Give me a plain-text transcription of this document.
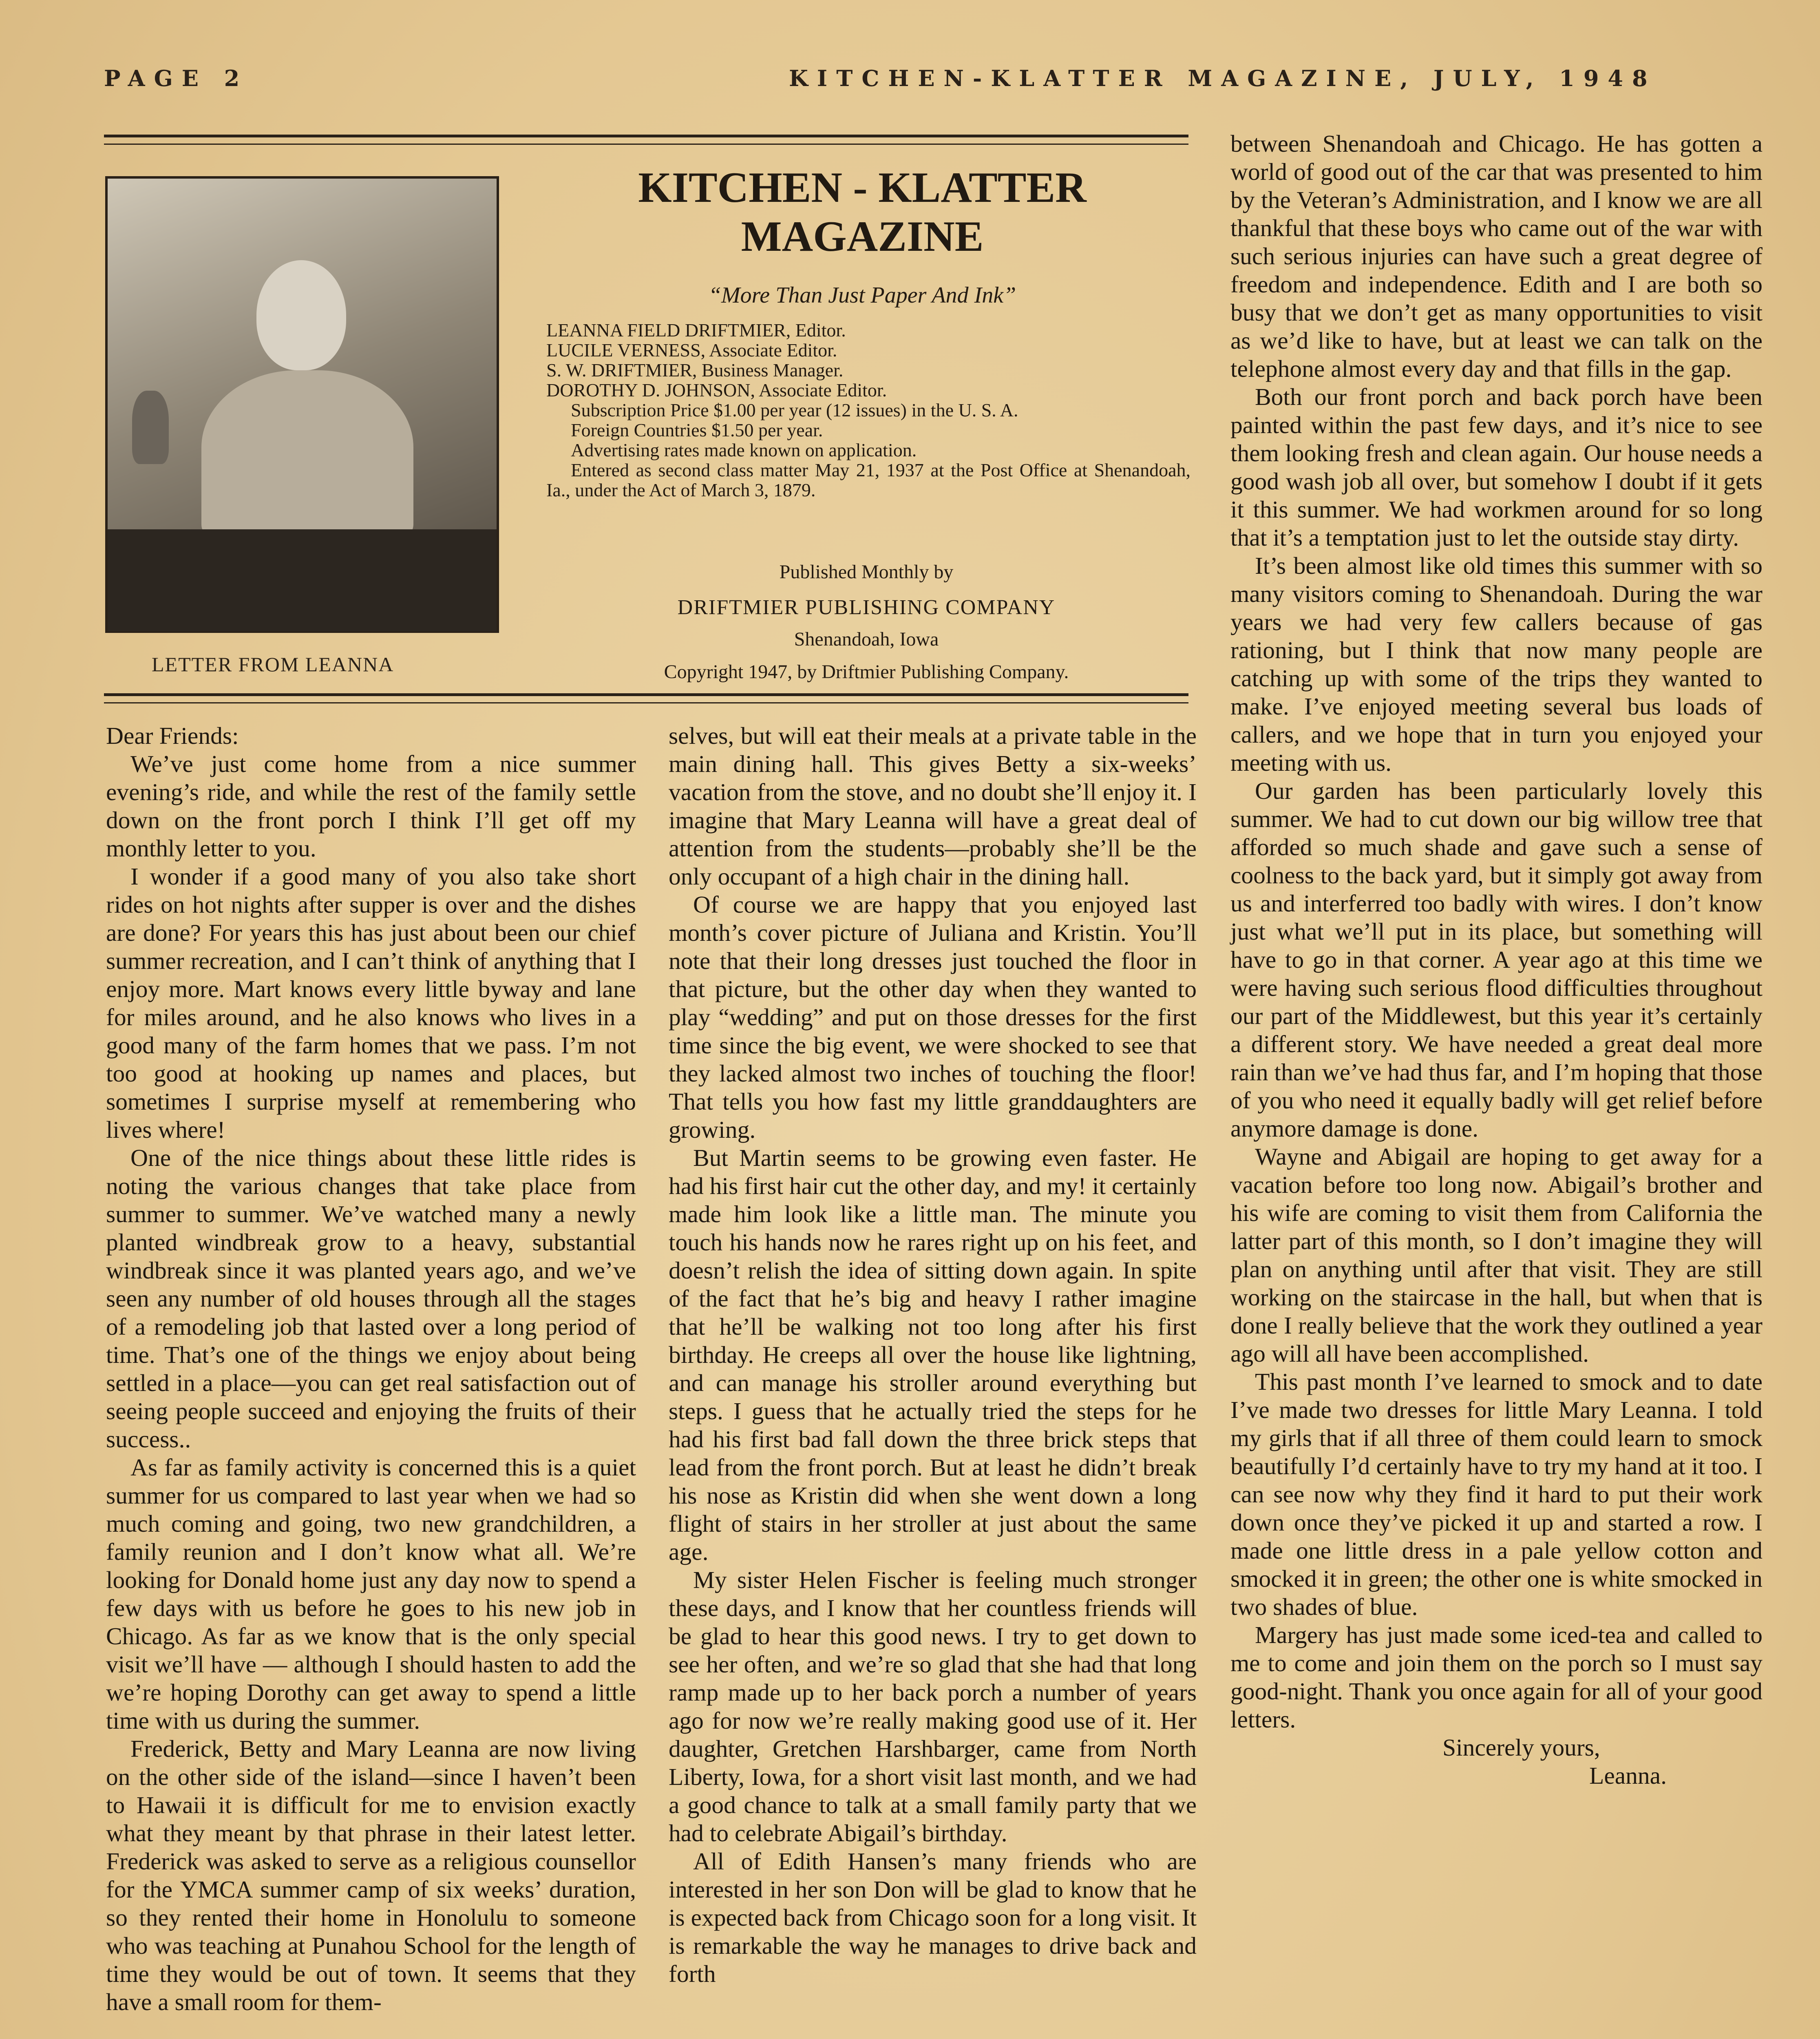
PAGE 2	KITCHEN-KLATTER MAGAZINE, JULY, 1948
LETTER FROM LEANNA
KITCHEN - KLATTER
MAGAZINE
“More Than Just Paper And Ink”
LEANNA FIELD DRIFTMIER, Editor.
LUCILE VERNESS, Associate Editor.
S. W. DRIFTMIER, Business Manager.
DOROTHY D. JOHNSON, Associate Editor.
Subscription Price $1.00 per year (12 issues) in the U. S. A.
Foreign Countries $1.50 per year.
Advertising rates made known on application.
Entered as second class matter May 21, 1937 at the Post Office at Shenandoah, Ia., under the Act of March 3, 1879.
Published Monthly by
DRIFTMIER PUBLISHING COMPANY
Shenandoah, Iowa
Copyright 1947, by Driftmier Publishing Company.

Dear Friends:

We’ve just come home from a nice summer evening’s ride, and while the rest of the family settle down on the front porch I think I’ll get off my monthly letter to you.

I wonder if a good many of you also take short rides on hot nights after supper is over and the dishes are done? For years this has just about been our chief summer recreation, and I can’t think of anything that I enjoy more. Mart knows every little byway and lane for miles around, and he also knows who lives in a good many of the farm homes that we pass. I’m not too good at hooking up names and places, but sometimes I surprise myself at remembering who lives where!

One of the nice things about these little rides is noting the various changes that take place from summer to summer. We’ve watched many a newly planted windbreak grow to a heavy, substantial windbreak since it was planted years ago, and we’ve seen any number of old houses through all the stages of a remodeling job that lasted over a long period of time. That’s one of the things we enjoy about being settled in a place—you can get real satisfaction out of seeing people succeed and enjoying the fruits of their success..

As far as family activity is concerned this is a quiet summer for us compared to last year when we had so much coming and going, two new grandchildren, a family reunion and I don’t know what all. We’re looking for Donald home just any day now to spend a few days with us before he goes to his new job in Chicago. As far as we know that is the only special visit we’ll have — although I should hasten to add the we’re hoping Dorothy can get away to spend a little time with us during the summer.

Frederick, Betty and Mary Leanna are now living on the other side of the island—since I haven’t been to Hawaii it is difficult for me to envision exactly what they meant by that phrase in their latest letter. Frederick was asked to serve as a religious counsellor for the YMCA summer camp of six weeks’ duration, so they rented their home in Honolulu to someone who was teaching at Punahou School for the length of time they would be out of town. It seems that they have a small room for them-

selves, but will eat their meals at a private table in the main dining hall. This gives Betty a six-weeks’ vacation from the stove, and no doubt she’ll enjoy it. I imagine that Mary Leanna will have a great deal of attention from the students—probably she’ll be the only occupant of a high chair in the dining hall.

Of course we are happy that you enjoyed last month’s cover picture of Juliana and Kristin. You’ll note that their long dresses just touched the floor in that picture, but the other day when they wanted to play “wedding” and put on those dresses for the first time since the big event, we were shocked to see that they lacked almost two inches of touching the floor! That tells you how fast my little granddaughters are growing.

But Martin seems to be growing even faster. He had his first hair cut the other day, and my! it certainly made him look like a little man. The minute you touch his hands now he rares right up on his feet, and doesn’t relish the idea of sitting down again. In spite of the fact that he’s big and heavy I rather imagine that he’ll be walking not too long after his first birthday. He creeps all over the house like lightning, and can manage his stroller around everything but steps. I guess that he actually tried the steps for he had his first bad fall down the three brick steps that lead from the front porch. But at least he didn’t break his nose as Kristin did when she went down a long flight of stairs in her stroller at just about the same age.

My sister Helen Fischer is feeling much stronger these days, and I know that her countless friends will be glad to hear this good news. I try to get down to see her often, and we’re so glad that she had that long ramp made up to her back porch a number of years ago for now we’re really making good use of it. Her daughter, Gretchen Harshbarger, came from North Liberty, Iowa, for a short visit last month, and we had a good chance to talk at a small family party that we had to celebrate Abigail’s birthday.

All of Edith Hansen’s many friends who are interested in her son Don will be glad to know that he is expected back from Chicago soon for a long visit. It is remarkable the way he manages to drive back and forth

between Shenandoah and Chicago. He has gotten a world of good out of the car that was presented to him by the Veteran’s Administration, and I know we are all thankful that these boys who came out of the war with such serious injuries can have such a great degree of freedom and independence. Edith and I are both so busy that we don’t get as many opportunities to visit as we’d like to have, but at least we can talk on the telephone almost every day and that fills in the gap.

Both our front porch and back porch have been painted within the past few days, and it’s nice to see them looking fresh and clean again. Our house needs a good wash job all over, but somehow I doubt if it gets it this summer. We had workmen around for so long that it’s a temptation just to let the outside stay dirty.

It’s been almost like old times this summer with so many visitors coming to Shenandoah. During the war years we had very few callers because of gas rationing, but I think that now many people are catching up with some of the trips they wanted to make. I’ve enjoyed meeting several bus loads of callers, and we hope that in turn you enjoyed your meeting with us.

Our garden has been particularly lovely this summer. We had to cut down our big willow tree that afforded so much shade and gave such a sense of coolness to the back yard, but it simply got away from us and interferred too badly with wires. I don’t know just what we’ll put in its place, but something will have to go in that corner. A year ago at this time we were having such serious flood difficulties throughout our part of the Middlewest, but this year it’s certainly a different story. We have needed a great deal more rain than we’ve had thus far, and I’m hoping that those of you who need it equally badly will get relief before anymore damage is done.

Wayne and Abigail are hoping to get away for a vacation before too long now. Abigail’s brother and his wife are coming to visit them from California the latter part of this month, so I don’t imagine they will plan on anything until after that visit. They are still working on the staircase in the hall, but when that is done I really believe that the work they outlined a year ago will all have been accomplished.

This past month I’ve learned to smock and to date I’ve made two dresses for little Mary Leanna. I told my girls that if all three of them could learn to smock beautifully I’d certainly have to try my hand at it too. I can see now why they find it hard to put their work down once they’ve picked it up and started a row. I made one little dress in a pale yellow cotton and smocked it in green; the other one is white smocked in two shades of blue.

Margery has just made some iced-tea and called to me to come and join them on the porch so I must say good-night. Thank you once again for all of your good letters.

Sincerely yours,

Leanna.
